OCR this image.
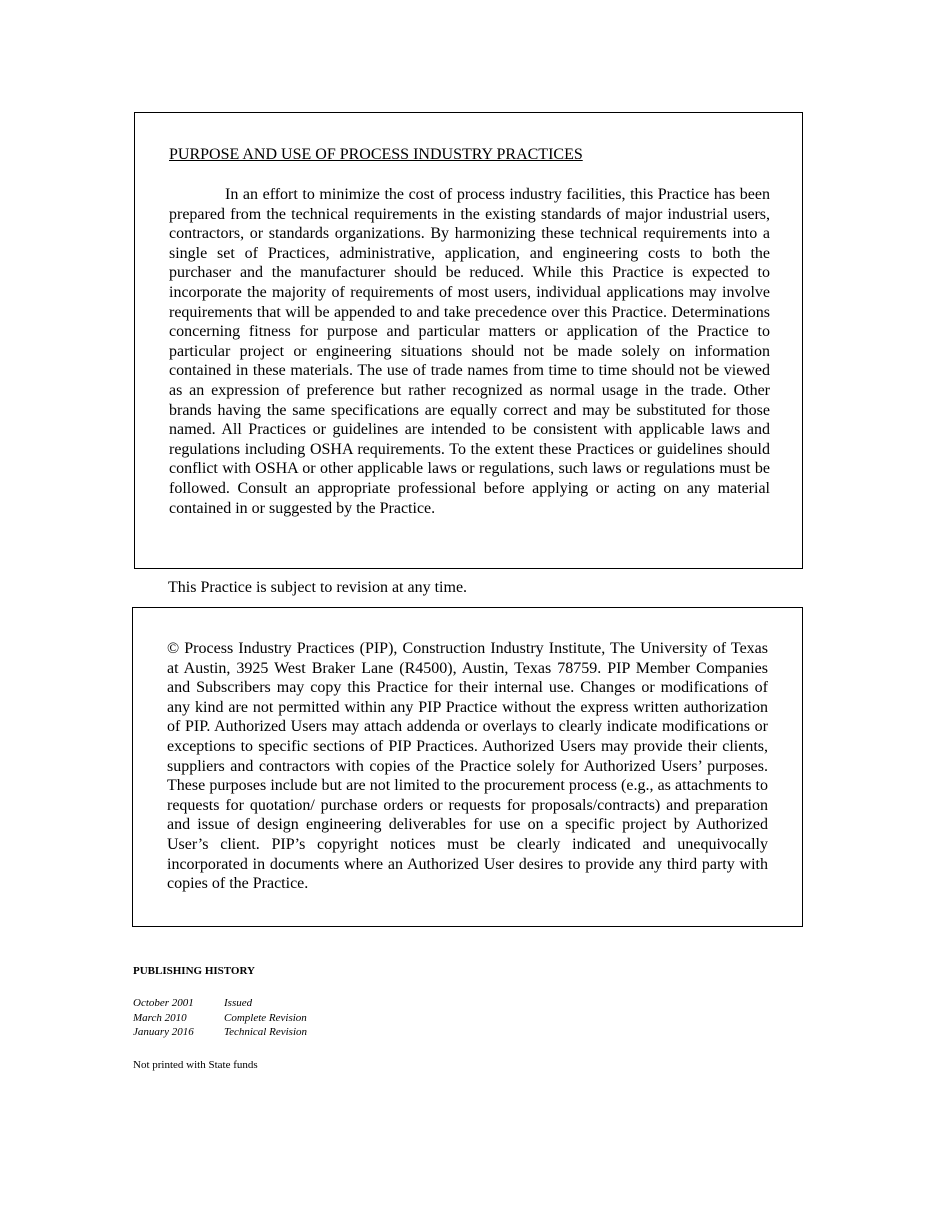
PURPOSE AND USE OF PROCESS INDUSTRY PRACTICES

In an effort to minimize the cost of process industry facilities, this Practice has been prepared from the technical requirements in the existing standards of major industrial users, contractors, or standards organizations. By harmonizing these technical requirements into a single set of Practices, administrative, application, and engineering costs to both the purchaser and the manufacturer should be reduced. While this Practice is expected to incorporate the majority of requirements of most users, individual applications may involve requirements that will be appended to and take precedence over this Practice. Determinations concerning fitness for purpose and particular matters or application of the Practice to particular project or engineering situations should not be made solely on information contained in these materials. The use of trade names from time to time should not be viewed as an expression of preference but rather recognized as normal usage in the trade. Other brands having the same specifications are equally correct and may be substituted for those named. All Practices or guidelines are intended to be consistent with applicable laws and regulations including OSHA requirements. To the extent these Practices or guidelines should conflict with OSHA or other applicable laws or regulations, such laws or regulations must be followed. Consult an appropriate professional before applying or acting on any material contained in or suggested by the Practice.

This Practice is subject to revision at any time.

© Process Industry Practices (PIP), Construction Industry Institute, The University of Texas at Austin, 3925 West Braker Lane (R4500), Austin, Texas 78759. PIP Member Companies and Subscribers may copy this Practice for their internal use. Changes or modifications of any kind are not permitted within any PIP Practice without the express written authorization of PIP. Authorized Users may attach addenda or overlays to clearly indicate modifications or exceptions to specific sections of PIP Practices. Authorized Users may provide their clients, suppliers and contractors with copies of the Practice solely for Authorized Users’ purposes. These purposes include but are not limited to the procurement process (e.g., as attachments to requests for quotation/ purchase orders or requests for proposals/contracts) and preparation and issue of design engineering deliverables for use on a specific project by Authorized User’s client. PIP’s copyright notices must be clearly indicated and unequivocally incorporated in documents where an Authorized User desires to provide any third party with copies of the Practice.

PUBLISHING HISTORY
October 2001	Issued
March 2010	Complete Revision
January 2016	Technical Revision
Not printed with State funds
